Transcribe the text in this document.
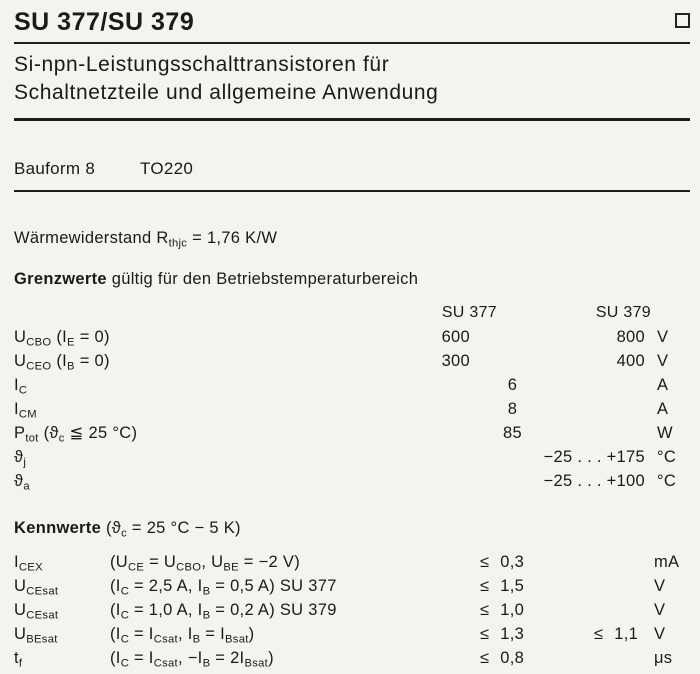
SU 377/SU 379
Si-npn-Leistungsschalttransistoren für
Schaltnetzteile und allgemeine Anwendung
Bauform 8	TO220

Wärmewiderstand $R_{thjc} = 1,76$ K/W

Grenzwerte gültig für den Betriebstemperaturbereich

SU 377	SU 379
$U_{CBO}$ $(I_E = 0)$	600	800 V
$U_{CEO}$ $(I_B = 0)$	300	400 V
$I_C$	6	A
$I_{CM}$	8	A
$P_{tot}$ ($ϑ_c$ ≦ 25 °C)	85	W
$ϑ_j$	−25 . . . +175 °C
$ϑ_a$	−25 . . . +100 °C

Kennwerte ($ϑ_c = 25$ °C − 5 K)

$I_{CEX}$	($U_{CE} = U_{CBO}$, $U_{BE} = -2$ V)	≤ 0,3	mA
$U_{CEsat}$	($I_C = 2,5$ A, $I_B = 0,5$ A) SU 377	≤ 1,5	V
$U_{CEsat}$	($I_C = 1,0$ A, $I_B = 0,2$ A) SU 379	≤ 1,0	V
$U_{BEsat}$	($I_C = I_{Csat}$, $I_B = I_{Bsat}$)	≤ 1,3	≤ 1,1 V
$t_f$	($I_C = I_{Csat}$, $-I_B = 2I_{Bsat}$)	≤ 0,8	μs
